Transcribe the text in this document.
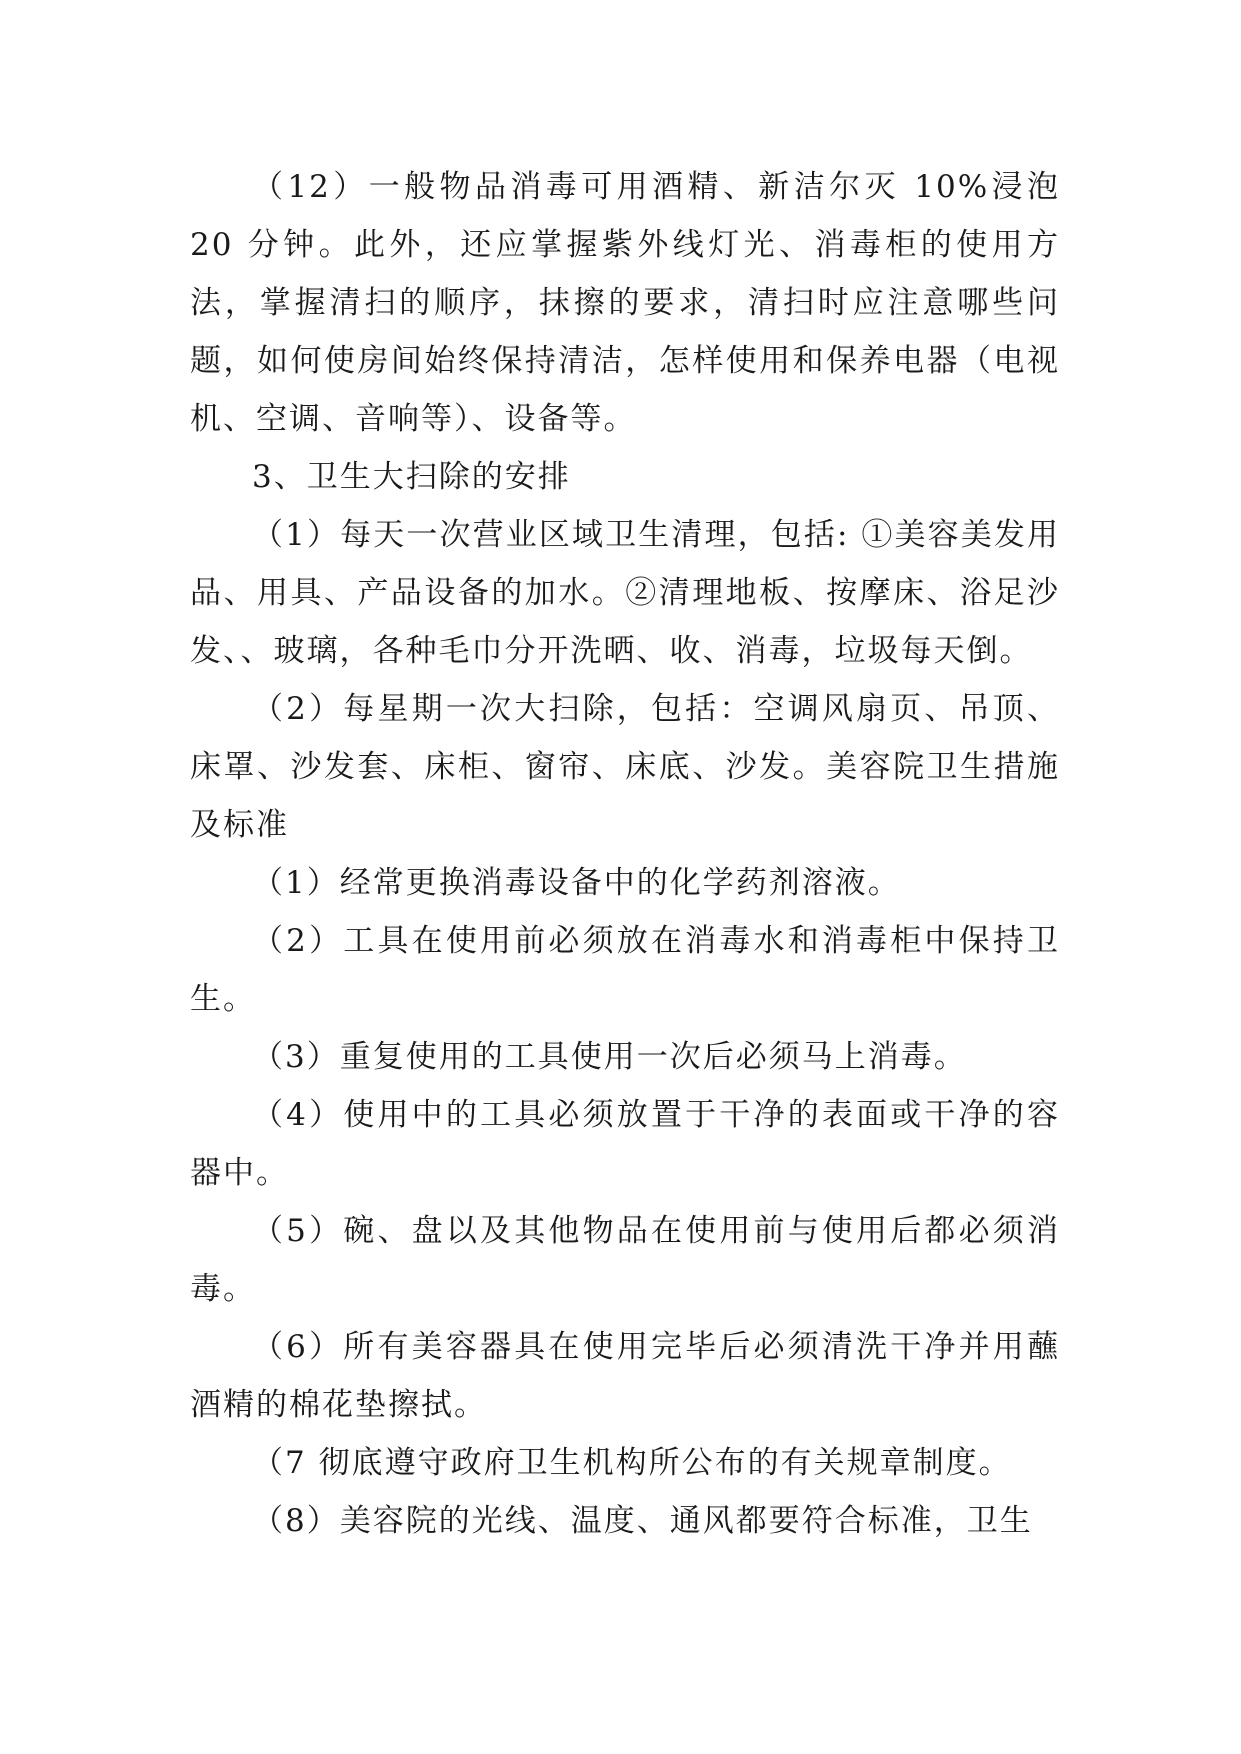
（12）一般物品消毒可用酒精、新洁尔灭 10%浸泡 20 分钟。此外，还应掌握紫外线灯光、消毒柜的使用方法，掌握清扫的顺序，抹擦的要求，清扫时应注意哪些问题，如何使房间始终保持清洁，怎样使用和保养电器（电视机、空调、音响等）、设备等。

3、卫生大扫除的安排

（1）每天一次营业区域卫生清理，包括: ①美容美发用品、用具、产品设备的加水。②清理地板、按摩床、浴足沙发、、玻璃，各种毛巾分开洗晒、收、消毒，垃圾每天倒。

（2）每星期一次大扫除，包括：空调风扇页、吊顶、床罩、沙发套、床柜、窗帘、床底、沙发。美容院卫生措施及标准

（1）经常更换消毒设备中的化学药剂溶液。

（2）工具在使用前必须放在消毒水和消毒柜中保持卫生。

（3）重复使用的工具使用一次后必须马上消毒。

（4）使用中的工具必须放置于干净的表面或干净的容器中。

（5）碗、盘以及其他物品在使用前与使用后都必须消毒。

（6）所有美容器具在使用完毕后必须清洗干净并用蘸酒精的棉花垫擦拭。

（7 彻底遵守政府卫生机构所公布的有关规章制度。

（8）美容院的光线、温度、通风都要符合标准，卫生
